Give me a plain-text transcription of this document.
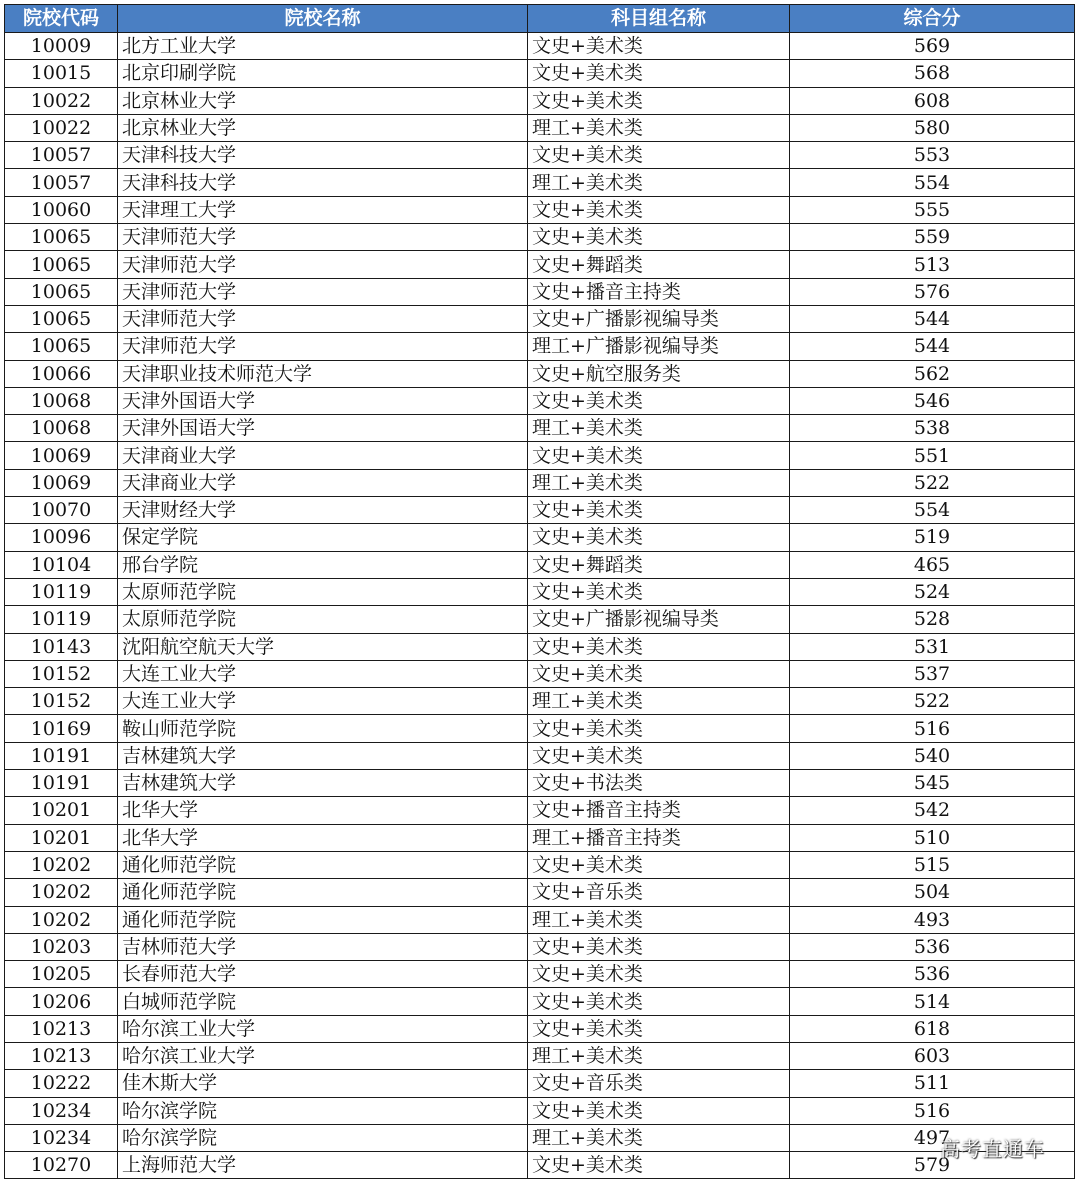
院校代码	院校名称	科目组名称	综合分
10009	北方工业大学	文史+美术类	569
10015	北京印刷学院	文史+美术类	568
10022	北京林业大学	文史+美术类	608
10022	北京林业大学	理工+美术类	580
10057	天津科技大学	文史+美术类	553
10057	天津科技大学	理工+美术类	554
10060	天津理工大学	文史+美术类	555
10065	天津师范大学	文史+美术类	559
10065	天津师范大学	文史+舞蹈类	513
10065	天津师范大学	文史+播音主持类	576
10065	天津师范大学	文史+广播影视编导类	544
10065	天津师范大学	理工+广播影视编导类	544
10066	天津职业技术师范大学	文史+航空服务类	562
10068	天津外国语大学	文史+美术类	546
10068	天津外国语大学	理工+美术类	538
10069	天津商业大学	文史+美术类	551
10069	天津商业大学	理工+美术类	522
10070	天津财经大学	文史+美术类	554
10096	保定学院	文史+美术类	519
10104	邢台学院	文史+舞蹈类	465
10119	太原师范学院	文史+美术类	524
10119	太原师范学院	文史+广播影视编导类	528
10143	沈阳航空航天大学	文史+美术类	531
10152	大连工业大学	文史+美术类	537
10152	大连工业大学	理工+美术类	522
10169	鞍山师范学院	文史+美术类	516
10191	吉林建筑大学	文史+美术类	540
10191	吉林建筑大学	文史+书法类	545
10201	北华大学	文史+播音主持类	542
10201	北华大学	理工+播音主持类	510
10202	通化师范学院	文史+美术类	515
10202	通化师范学院	文史+音乐类	504
10202	通化师范学院	理工+美术类	493
10203	吉林师范大学	文史+美术类	536
10205	长春师范大学	文史+美术类	536
10206	白城师范学院	文史+美术类	514
10213	哈尔滨工业大学	文史+美术类	618
10213	哈尔滨工业大学	理工+美术类	603
10222	佳木斯大学	文史+音乐类	511
10234	哈尔滨学院	文史+美术类	516
10234	哈尔滨学院	理工+美术类	497
10270	上海师范大学	文史+美术类	579
高考直通车
